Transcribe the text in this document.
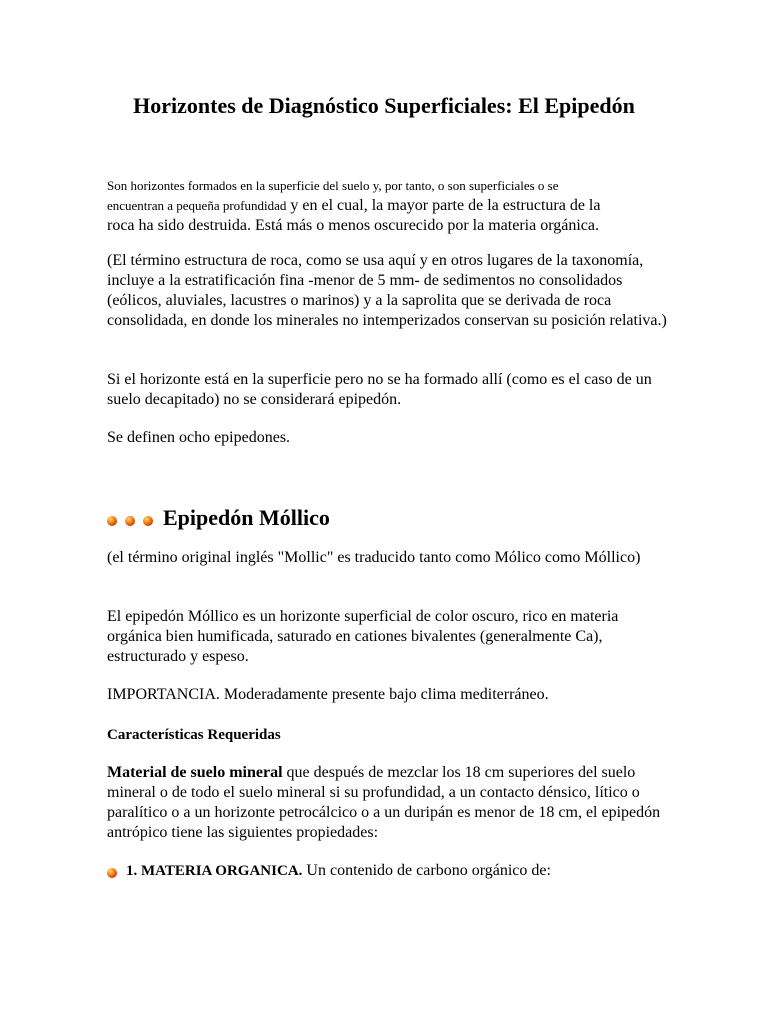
Horizontes de Diagnóstico Superficiales: El Epipedón
Son horizontes formados en la superficie del suelo y, por tanto, o son superficiales o se
encuentran a pequeña profundidad y en el cual, la mayor parte de la estructura de la
roca ha sido destruida. Está más o menos oscurecido por la materia orgánica.

(El término estructura de roca, como se usa aquí y en otros lugares de la taxonomía, incluye a la estratificación fina -menor de 5 mm- de sedimentos no consolidados (eólicos, aluviales, lacustres o marinos) y a la saprolita que se derivada de roca consolidada, en donde los minerales no intemperizados conservan su posición relativa.)

Si el horizonte está en la superficie pero no se ha formado allí (como es el caso de un suelo decapitado) no se considerará epipedón.

Se definen ocho epipedones.

Epipedón Móllico

(el término original inglés "Mollic" es traducido tanto como Mólico como Móllico)

El epipedón Móllico es un horizonte superficial de color oscuro, rico en materia orgánica bien humificada, saturado en cationes bivalentes (generalmente Ca), estructurado y espeso.

IMPORTANCIA. Moderadamente presente bajo clima mediterráneo.

Características Requeridas

Material de suelo mineral que después de mezclar los 18 cm superiores del suelo mineral o de todo el suelo mineral si su profundidad, a un contacto dénsico, lítico o paralítico o a un horizonte petrocálcico o a un duripán es menor de 18 cm, el epipedón antrópico tiene las siguientes propiedades:

1. MATERIA ORGANICA. Un contenido de carbono orgánico de:
